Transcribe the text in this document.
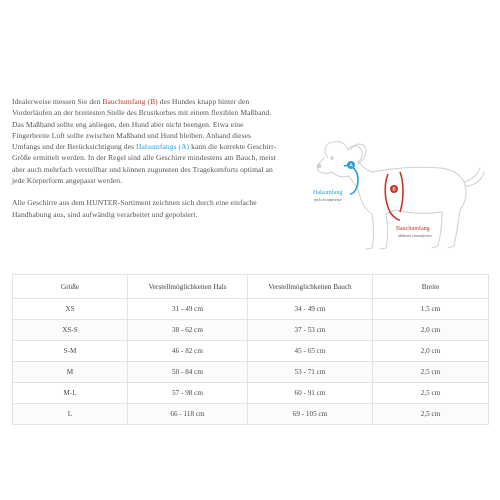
Idealerweise messen Sie den Bauchumfang (B) des Hundes knapp hinter den Vorderläufen an der breitesten Stelle des Brustkorbes mit einem flexiblen Maßband. Das Maßband sollte eng anliegen, den Hund aber nicht beengen. Etwa eine Fingerbreite Luft sollte zwischen Maßband und Hund bleiben. Anhand dieses Umfangs und der Berücksichtigung des Halsumfangs (A) kann die korrekte Geschirr-Größe ermittelt werden. In der Regel sind alle Geschirre mindestens am Bauch, meist aber auch mehrfach verstellbar und können zugunsten des Tragekomforts optimal an jede Körperform angepasst werden.

Alle Geschirre aus dem HUNTER-Sortiment zeichnen sich durch eine einfache Handhabung aus, sind aufwändig verarbeitet und gepolstert.

A
B
Halsumfang
neck circumference
Bauchumfang
abdomen circumference
Größe	Verstellmöglichkeiten Hals	Verstellmöglichkeiten Bauch	Breite
XS	31 - 49 cm	34 - 49 cm	1.5 cm
XS-S	38 - 62 cm	37 - 53 cm	2,0 cm
S-M	46 - 82 cm	45 - 65 cm	2,0 cm
M	50 - 84 cm	53 - 71 cm	2,5 cm
M-L	57 - 98 cm	60 - 91 cm	2,5 cm
L	66 - 118 cm	69 - 105 cm	2,5 cm
